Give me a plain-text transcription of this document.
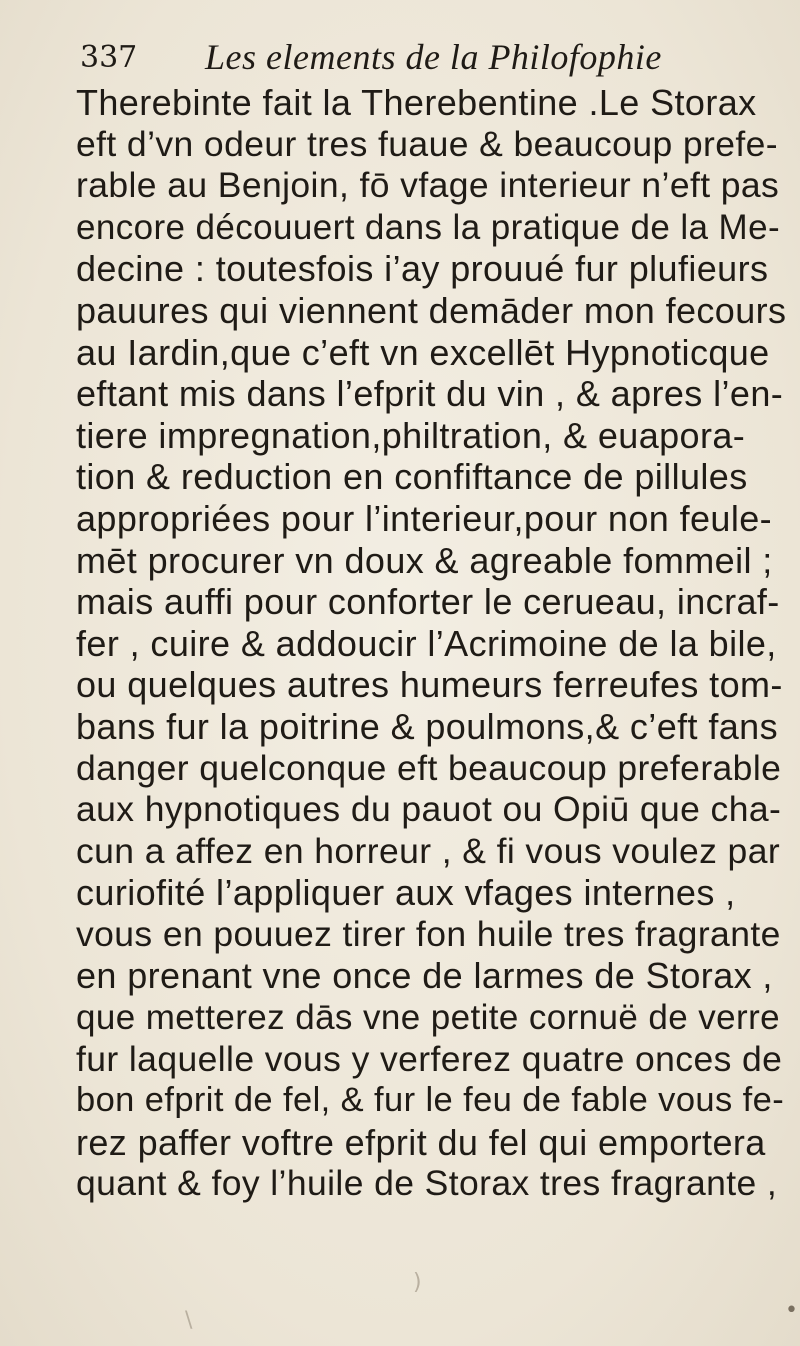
337 Les elements de la Philofophie
Therebinte fait la Therebentine .Le Storax
eft d’vn odeur tres fuaue & beaucoup prefe-
rable au Benjoin, fō vfage interieur n’eft pas
encore découuert dans la pratique de la Me-
decine : toutesfois i’ay prouué fur plufieurs
pauures qui viennent demāder mon fecours
au Iardin,que c’eft vn excellēt Hypnoticque
eftant mis dans l’efprit du vin , & apres l’en-
tiere impregnation,philtration, & euapora-
tion & reduction en confiftance de pillules
appropriées pour l’interieur,pour non feule-
mēt procurer vn doux & agreable fommeil ;
mais auffi pour conforter le cerueau, incraf-
fer , cuire & addoucir l’Acrimoine de la bile,
ou quelques autres humeurs ferreufes tom-
bans fur la poitrine & poulmons,& c’eft fans
danger quelconque eft beaucoup preferable
aux hypnotiques du pauot ou Opiū que cha-
cun a affez en horreur , & fi vous voulez par
curiofité l’appliquer aux vfages internes ,
vous en pouuez tirer fon huile tres fragrante
en prenant vne once de larmes de Storax ,
que metterez dās vne petite cornuë de verre
fur laquelle vous y verferez quatre onces de
bon efprit de fel, & fur le feu de fable vous fe-
rez paffer voftre efprit du fel qui emportera
quant & foy l’huile de Storax tres fragrante ,
)
\	•
